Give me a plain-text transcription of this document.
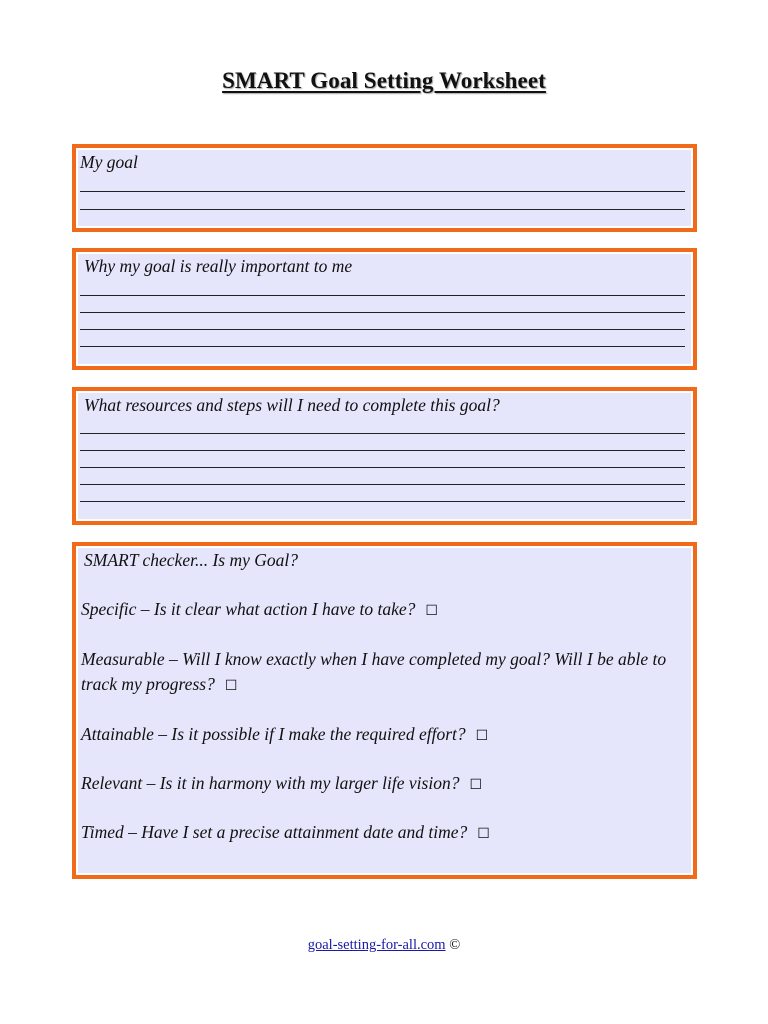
SMART Goal Setting Worksheet
My goal
Why my goal is really important to me
What resources and steps will I need to complete this goal?
SMART checker... Is my Goal?
Specific – Is it clear what action I have to take? ☐
Measurable – Will I know exactly when I have completed my goal? Will I be able to track my progress? ☐
Attainable – Is it possible if I make the required effort? ☐
Relevant – Is it in harmony with my larger life vision? ☐
Timed – Have I set a precise attainment date and time? ☐
goal-setting-for-all.com ©
